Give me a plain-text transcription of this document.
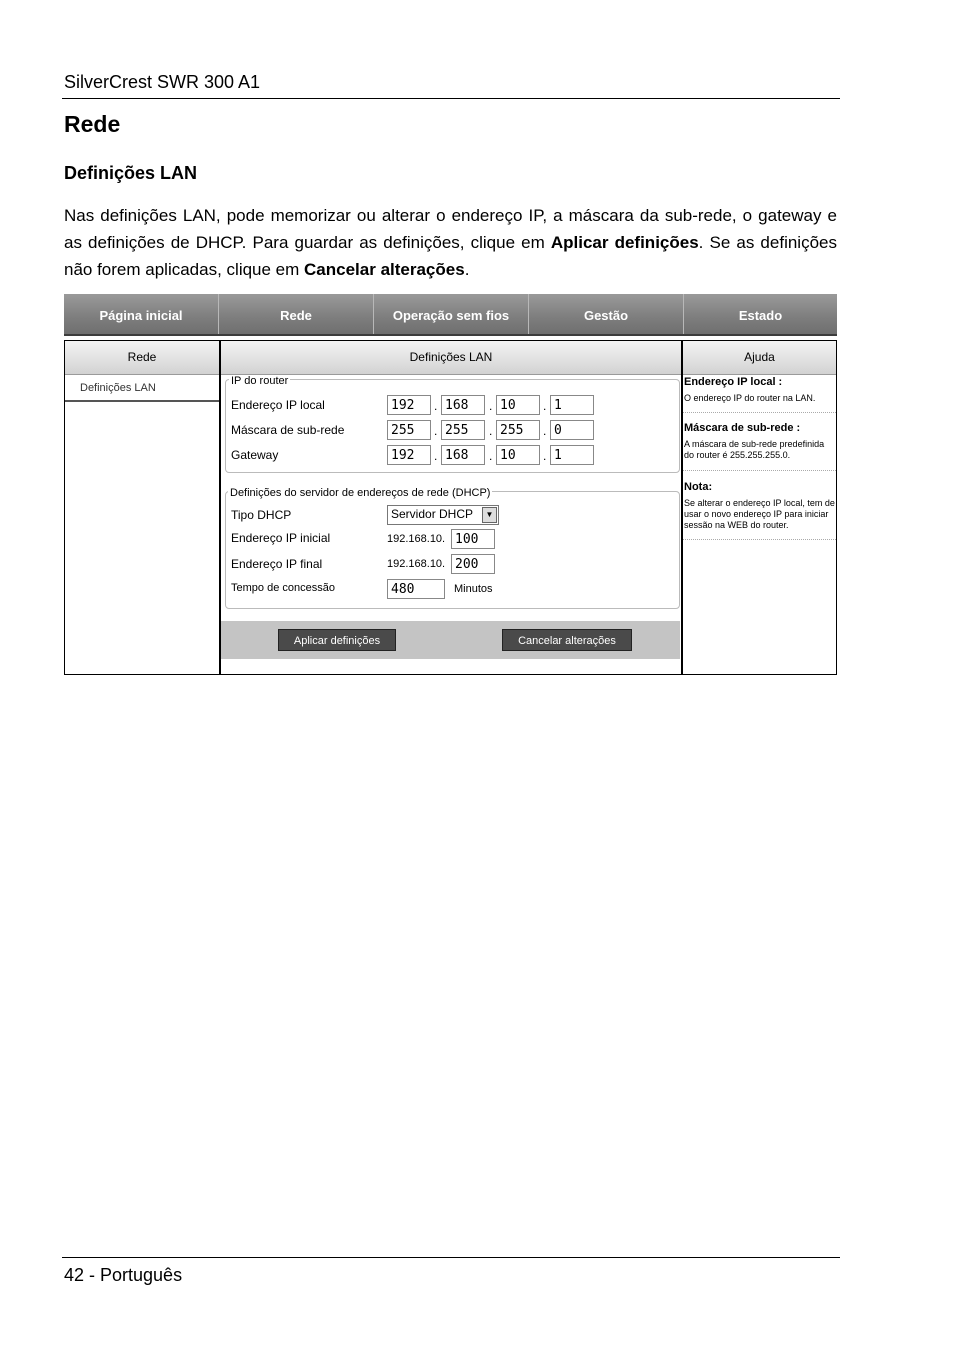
SilverCrest SWR 300 A1
Rede
Definições LAN
Nas definições LAN, pode memorizar ou alterar o endereço IP, a máscara da sub-rede, o gateway e as definições de DHCP. Para guardar as definições, clique em Aplicar definições. Se as definições não forem aplicadas, clique em Cancelar alterações.
Página inicial	Rede	Operação sem fios	Gestão	Estado
Rede
Definições LAN
Definições LAN
IP do router
Endereço IP local	192	. 168	. 10	. 1
Máscara de sub-rede	255	. 255	. 255	. 0
Gateway	192	. 168	. 10	. 1
Definições do servidor de endereços de rede (DHCP)
Tipo DHCP	Servidor DHCP	▼
Endereço IP inicial	192.168.10. 100
Endereço IP final	192.168.10. 200
Tempo de concessão	480	Minutos
Aplicar definições	Cancelar alterações
Ajuda
Endereço IP local :
O endereço IP do router na LAN.
Máscara de sub-rede :
A máscara de sub-rede predefinida do router é 255.255.255.0.
Nota:
Se alterar o endereço IP local, tem de usar o novo endereço IP para iniciar sessão na WEB do router.
42 - Português
